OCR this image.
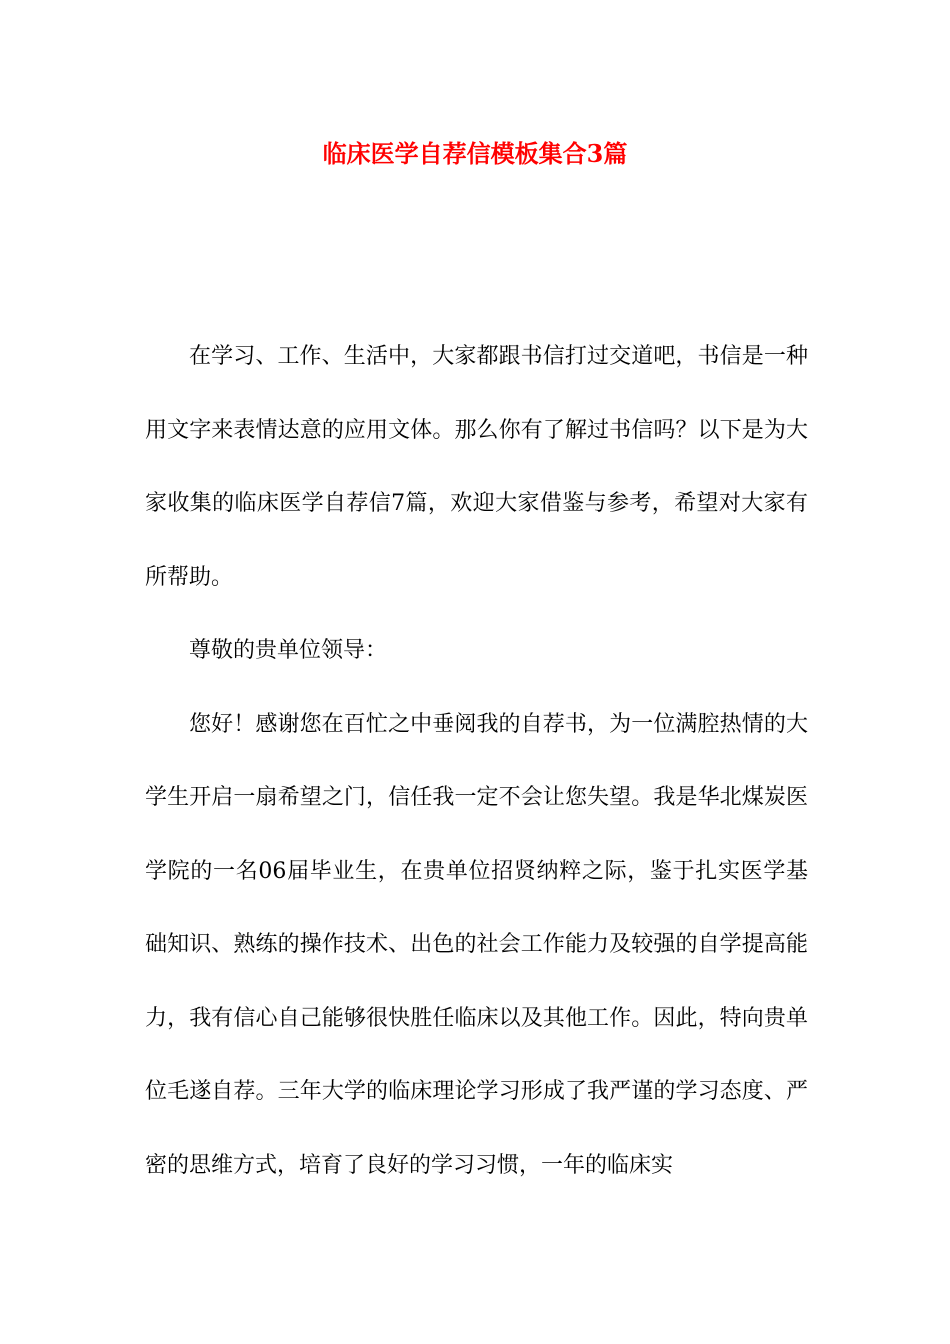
临床医学自荐信模板集合3篇

在学习、工作、生活中，大家都跟书信打过交道吧，书信是一种用文字来表情达意的应用文体。那么你有了解过书信吗？以下是为大家收集的临床医学自荐信7篇，欢迎大家借鉴与参考，希望对大家有所帮助。

尊敬的贵单位领导：

您好！感谢您在百忙之中垂阅我的自荐书，为一位满腔热情的大学生开启一扇希望之门，信任我一定不会让您失望。我是华北煤炭医学院的一名06届毕业生，在贵单位招贤纳粹之际，鉴于扎实医学基础知识、熟练的操作技术、出色的社会工作能力及较强的自学提高能力，我有信心自己能够很快胜任临床以及其他工作。因此，特向贵单位毛遂自荐。三年大学的临床理论学习形成了我严谨的学习态度、严密的思维方式，培育了良好的学习习惯，一年的临床实
